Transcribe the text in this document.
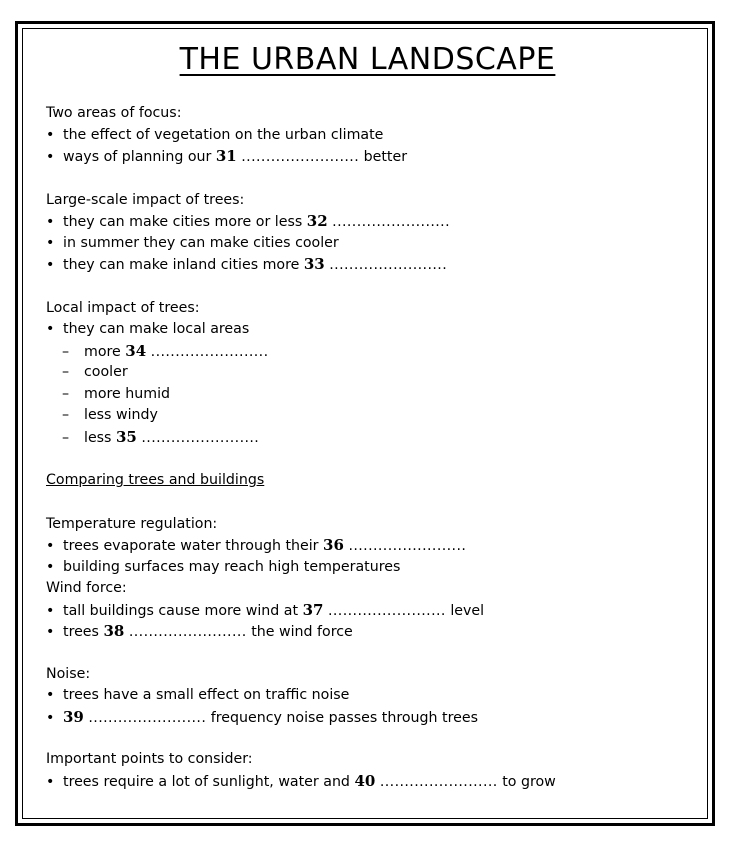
THE URBAN LANDSCAPE
Two areas of focus:
• the effect of vegetation on the urban climate
• ways of planning our 31 ........................ better
Large-scale impact of trees:
• they can make cities more or less 32 ........................
• in summer they can make cities cooler
• they can make inland cities more 33 ........................
Local impact of trees:
• they can make local areas
– more 34 ........................
– cooler
– more humid
– less windy
– less 35 ........................
Comparing trees and buildings
Temperature regulation:
• trees evaporate water through their 36 ........................
• building surfaces may reach high temperatures
Wind force:
• tall buildings cause more wind at 37 ........................ level
• trees 38 ........................ the wind force
Noise:
• trees have a small effect on traffic noise
• 39 ........................ frequency noise passes through trees
Important points to consider:
• trees require a lot of sunlight, water and 40 ........................ to grow
